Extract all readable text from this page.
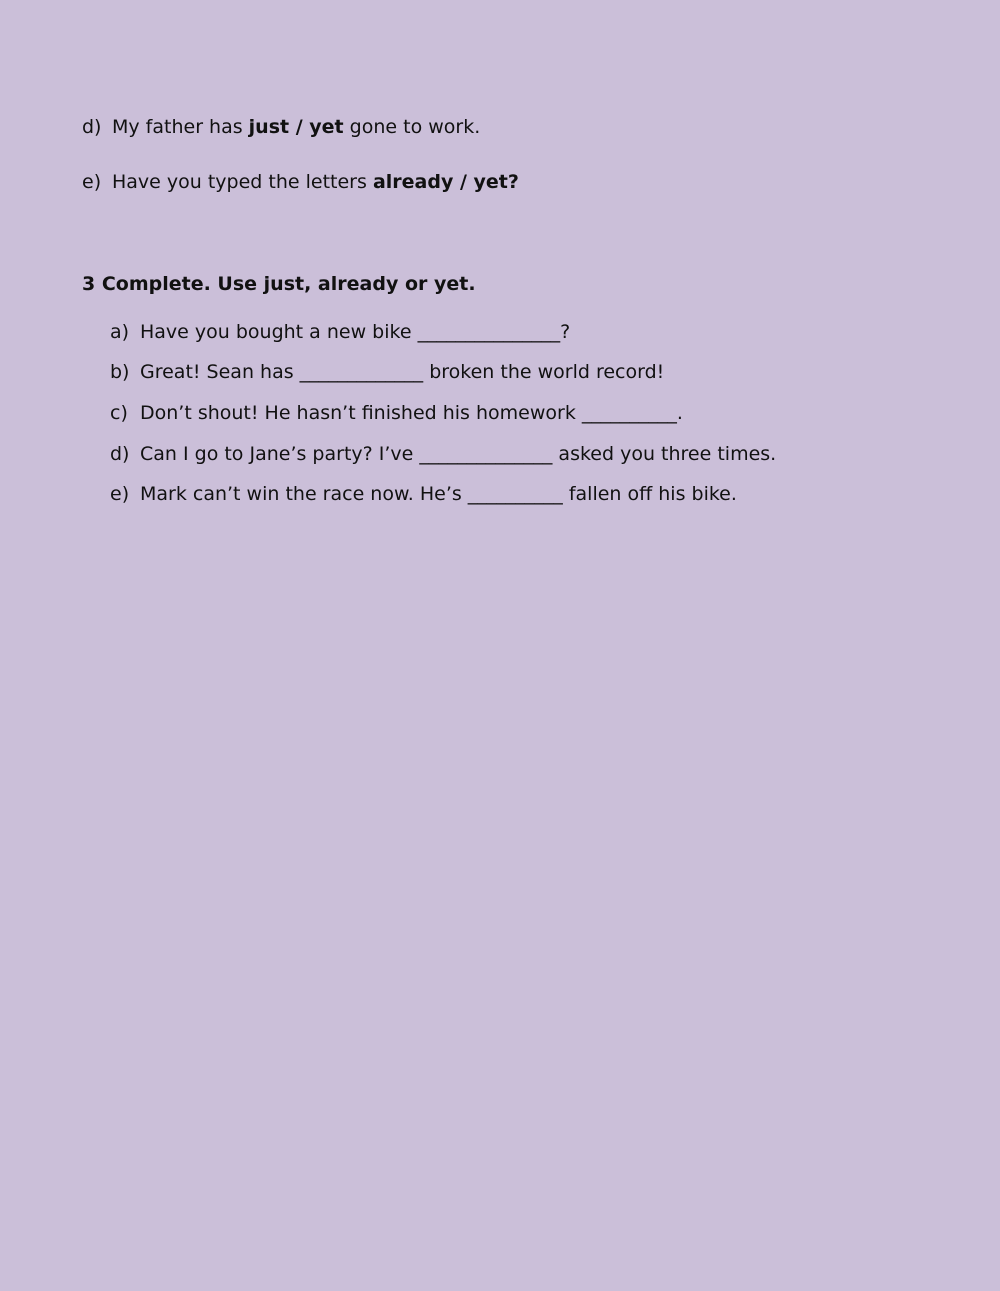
d) My father has just / yet gone to work.
e) Have you typed the letters already / yet?
3 Complete. Use just, already or yet.
a) Have you bought a new bike _______________?
b) Great! Sean has _____________ broken the world record!
c) Don’t shout! He hasn’t finished his homework __________.
d) Can I go to Jane’s party? I’ve ______________ asked you three times.
e) Mark can’t win the race now. He’s __________ fallen off his bike.
